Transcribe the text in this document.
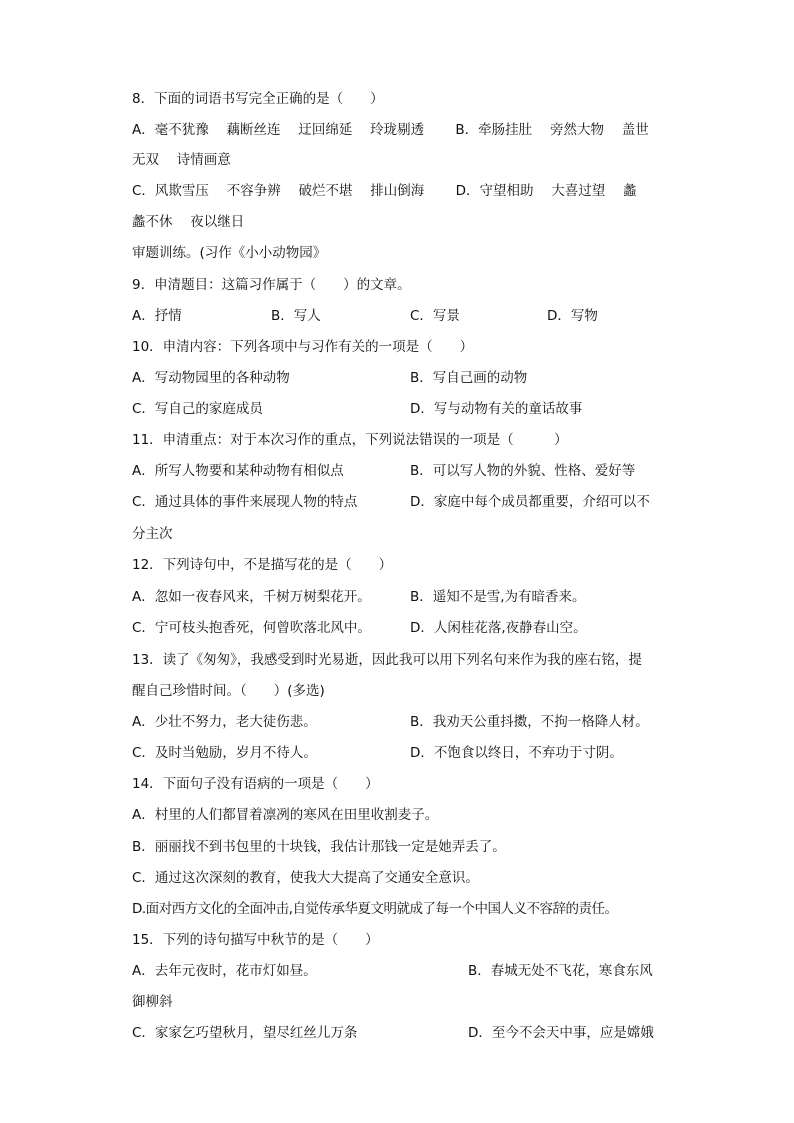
8．下面的词语书写完全正确的是（　　）
A．毫不犹豫　 藕断丝连　 迂回绵延　 玲珑剔透　　 B．牵肠挂肚　 旁然大物　 盖世
无双　 诗情画意
C．风欺雪压　 不容争辨　 破烂不堪　 排山倒海　　 D．守望相助　 大喜过望　 蠡
蠡不休　 夜以继日
审题训练。(习作《小小动物园》
9．申清题目：这篇习作属于（　　）的文章。
A．抒情	B．写人	C．写景	D．写物
10．申清内容：下列各项中与习作有关的一项是（　　）
A．写动物园里的各种动物	B．写自己画的动物
C．写自己的家庭成员	D．写与动物有关的童话故事
11．申清重点：对于本次习作的重点，下列说法错误的一项是（　　　）
A．所写人物要和某种动物有相似点	B．可以写人物的外貌、性格、爱好等
C．通过具体的事件来展现人物的特点	D．家庭中每个成员都重要，介绍可以不
分主次
12．下列诗句中，不是描写花的是（　　）
A．忽如一夜春风来，千树万树梨花开。	B．遥知不是雪,为有暗香来。
C．宁可枝头抱香死，何曾吹落北风中。	D．人闲桂花落,夜静春山空。
13．读了《匆匆》，我感受到时光易逝，因此我可以用下列名句来作为我的座右铭，提
醒自己珍惜时间。（　　）(多选)
A．少壮不努力，老大徒伤悲。	B．我劝天公重抖擞，不拘一格降人材。
C．及时当勉励，岁月不待人。	D．不饱食以终日，不弃功于寸阴。
14．下面句子没有语病的一项是（　　）
A．村里的人们都冒着凛冽的寒风在田里收割麦子。
B．丽丽找不到书包里的十块钱，我估计那钱一定是她弄丢了。
C．通过这次深刻的教育，使我大大提高了交通安全意识。
D.面对西方文化的全面冲击,自觉传承华夏文明就成了每一个中国人义不容辞的责任。
15．下列的诗句描写中秋节的是（　　）
A．去年元夜时，花市灯如昼。	B．春城无处不飞花，寒食东风
御柳斜
C．家家乞巧望秋月，望尽红丝儿万条	D．至今不会天中事，应是嫦娥
